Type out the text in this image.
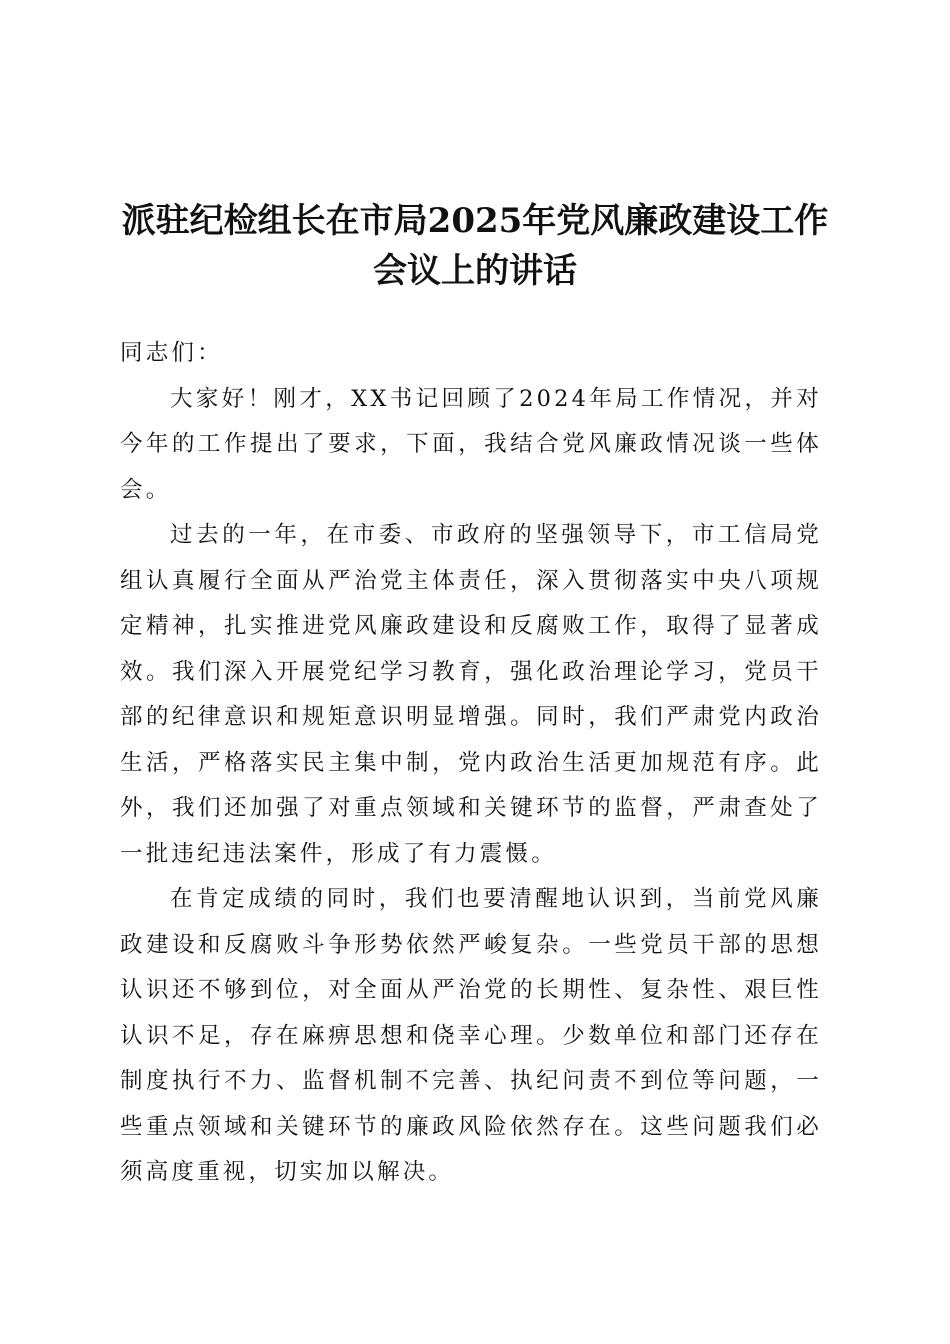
派驻纪检组长在市局2025年党风廉政建设工作会议上的讲话

同志们：

大家好！刚才，XX书记回顾了2024年局工作情况，并对今年的工作提出了要求，下面，我结合党风廉政情况谈一些体会。

过去的一年，在市委、市政府的坚强领导下，市工信局党组认真履行全面从严治党主体责任，深入贯彻落实中央八项规定精神，扎实推进党风廉政建设和反腐败工作，取得了显著成效。我们深入开展党纪学习教育，强化政治理论学习，党员干部的纪律意识和规矩意识明显增强。同时，我们严肃党内政治生活，严格落实民主集中制，党内政治生活更加规范有序。此外，我们还加强了对重点领域和关键环节的监督，严肃查处了一批违纪违法案件，形成了有力震慑。

在肯定成绩的同时，我们也要清醒地认识到，当前党风廉政建设和反腐败斗争形势依然严峻复杂。一些党员干部的思想认识还不够到位，对全面从严治党的长期性、复杂性、艰巨性认识不足，存在麻痹思想和侥幸心理。少数单位和部门还存在制度执行不力、监督机制不完善、执纪问责不到位等问题，一些重点领域和关键环节的廉政风险依然存在。这些问题我们必须高度重视，切实加以解决。
